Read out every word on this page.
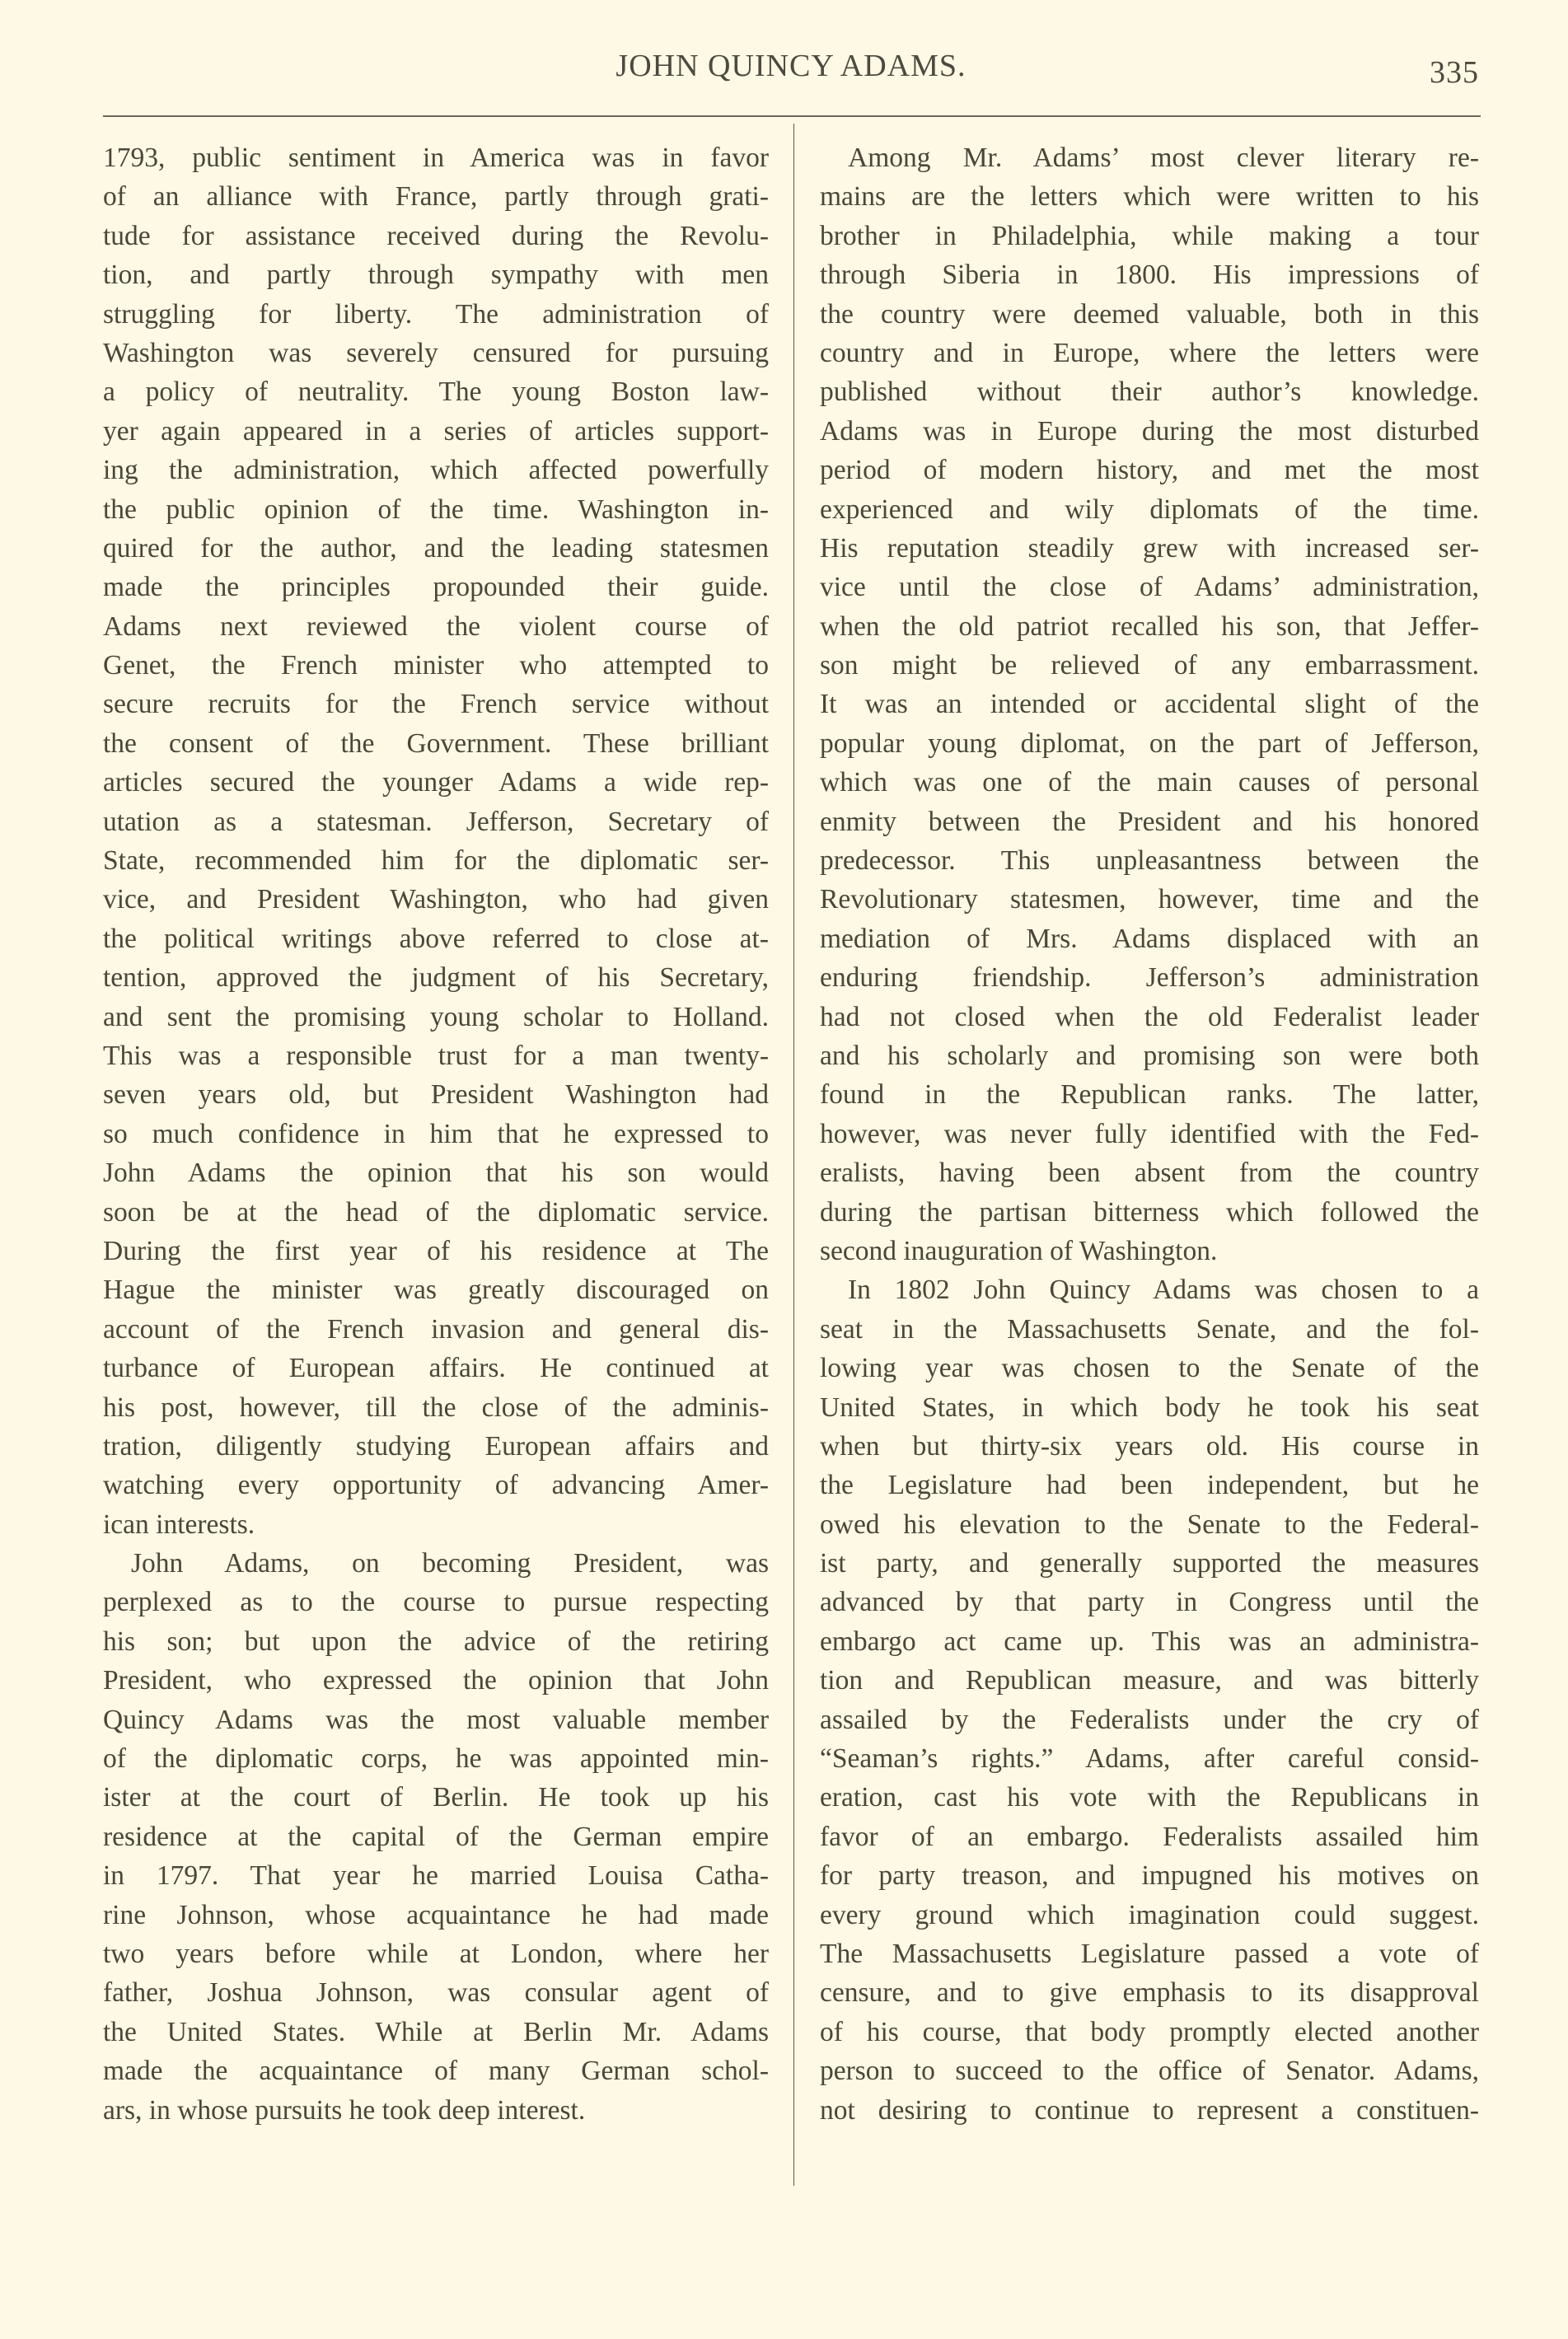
JOHN QUINCY ADAMS.	335
1793, public sentiment in America was in favor
of an alliance with France, partly through grati-
tude for assistance received during the Revolu-
tion, and partly through sympathy with men
struggling for liberty. The administration of
Washington was severely censured for pursuing
a policy of neutrality. The young Boston law-
yer again appeared in a series of articles support-
ing the administration, which affected powerfully
the public opinion of the time. Washington in-
quired for the author, and the leading statesmen
made the principles propounded their guide.
Adams next reviewed the violent course of
Genet, the French minister who attempted to
secure recruits for the French service without
the consent of the Government. These brilliant
articles secured the younger Adams a wide rep-
utation as a statesman. Jefferson, Secretary of
State, recommended him for the diplomatic ser-
vice, and President Washington, who had given
the political writings above referred to close at-
tention, approved the judgment of his Secretary,
and sent the promising young scholar to Holland.
This was a responsible trust for a man twenty-
seven years old, but President Washington had
so much confidence in him that he expressed to
John Adams the opinion that his son would
soon be at the head of the diplomatic service.
During the first year of his residence at The
Hague the minister was greatly discouraged on
account of the French invasion and general dis-
turbance of European affairs. He continued at
his post, however, till the close of the adminis-
tration, diligently studying European affairs and
watching every opportunity of advancing Amer-
ican interests.
John Adams, on becoming President, was
perplexed as to the course to pursue respecting
his son; but upon the advice of the retiring
President, who expressed the opinion that John
Quincy Adams was the most valuable member
of the diplomatic corps, he was appointed min-
ister at the court of Berlin. He took up his
residence at the capital of the German empire
in 1797. That year he married Louisa Catha-
rine Johnson, whose acquaintance he had made
two years before while at London, where her
father, Joshua Johnson, was consular agent of
the United States. While at Berlin Mr. Adams
made the acquaintance of many German schol-
ars, in whose pursuits he took deep interest.
Among Mr. Adams’ most clever literary re-
mains are the letters which were written to his
brother in Philadelphia, while making a tour
through Siberia in 1800. His impressions of
the country were deemed valuable, both in this
country and in Europe, where the letters were
published without their author’s knowledge.
Adams was in Europe during the most disturbed
period of modern history, and met the most
experienced and wily diplomats of the time.
His reputation steadily grew with increased ser-
vice until the close of Adams’ administration,
when the old patriot recalled his son, that Jeffer-
son might be relieved of any embarrassment.
It was an intended or accidental slight of the
popular young diplomat, on the part of Jefferson,
which was one of the main causes of personal
enmity between the President and his honored
predecessor. This unpleasantness between the
Revolutionary statesmen, however, time and the
mediation of Mrs. Adams displaced with an
enduring friendship. Jefferson’s administration
had not closed when the old Federalist leader
and his scholarly and promising son were both
found in the Republican ranks. The latter,
however, was never fully identified with the Fed-
eralists, having been absent from the country
during the partisan bitterness which followed the
second inauguration of Washington.
In 1802 John Quincy Adams was chosen to a
seat in the Massachusetts Senate, and the fol-
lowing year was chosen to the Senate of the
United States, in which body he took his seat
when but thirty-six years old. His course in
the Legislature had been independent, but he
owed his elevation to the Senate to the Federal-
ist party, and generally supported the measures
advanced by that party in Congress until the
embargo act came up. This was an administra-
tion and Republican measure, and was bitterly
assailed by the Federalists under the cry of
“Seaman’s rights.” Adams, after careful consid-
eration, cast his vote with the Republicans in
favor of an embargo. Federalists assailed him
for party treason, and impugned his motives on
every ground which imagination could suggest.
The Massachusetts Legislature passed a vote of
censure, and to give emphasis to its disapproval
of his course, that body promptly elected another
person to succeed to the office of Senator. Adams,
not desiring to continue to represent a constituen-
